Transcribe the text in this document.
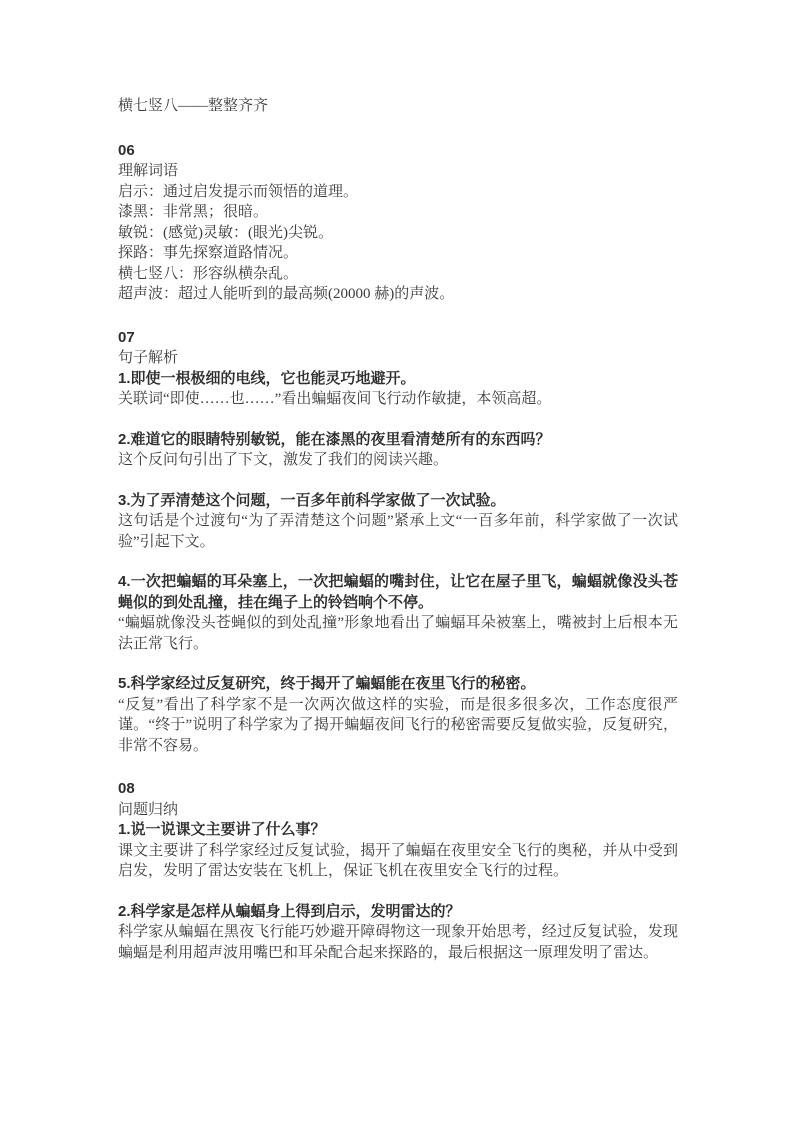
横七竖八——整整齐齐

06

理解词语

启示：通过启发提示而领悟的道理。

漆黑：非常黑；很暗。

敏锐：(感觉)灵敏：(眼光)尖锐。

探路：事先探察道路情况。

横七竖八：形容纵横杂乱。

超声波：超过人能听到的最高频(20000 赫)的声波。

07

句子解析

1.即使一根极细的电线，它也能灵巧地避开。

关联词“即使……也……”看出蝙蝠夜间飞行动作敏捷，本领高超。

2.难道它的眼睛特别敏锐，能在漆黑的夜里看清楚所有的东西吗？

这个反问句引出了下文，激发了我们的阅读兴趣。

3.为了弄清楚这个问题，一百多年前科学家做了一次试验。

这句话是个过渡句“为了弄清楚这个问题”紧承上文“一百多年前，科学家做了一次试验”引起下文。

4.一次把蝙蝠的耳朵塞上，一次把蝙蝠的嘴封住，让它在屋子里飞，蝙蝠就像没头苍蝇似的到处乱撞，挂在绳子上的铃铛响个不停。

“蝙蝠就像没头苍蝇似的到处乱撞”形象地看出了蝙蝠耳朵被塞上，嘴被封上后根本无法正常飞行。

5.科学家经过反复研究，终于揭开了蝙蝠能在夜里飞行的秘密。

“反复”看出了科学家不是一次两次做这样的实验，而是很多很多次，工作态度很严谨。“终于”说明了科学家为了揭开蝙蝠夜间飞行的秘密需要反复做实验，反复研究，非常不容易。

08

问题归纳

1.说一说课文主要讲了什么事？

课文主要讲了科学家经过反复试验，揭开了蝙蝠在夜里安全飞行的奥秘，并从中受到启发，发明了雷达安装在飞机上，保证飞机在夜里安全飞行的过程。

2.科学家是怎样从蝙蝠身上得到启示，发明雷达的？

科学家从蝙蝠在黑夜飞行能巧妙避开障碍物这一现象开始思考，经过反复试验，发现蝙蝠是利用超声波用嘴巴和耳朵配合起来探路的，最后根据这一原理发明了雷达。
